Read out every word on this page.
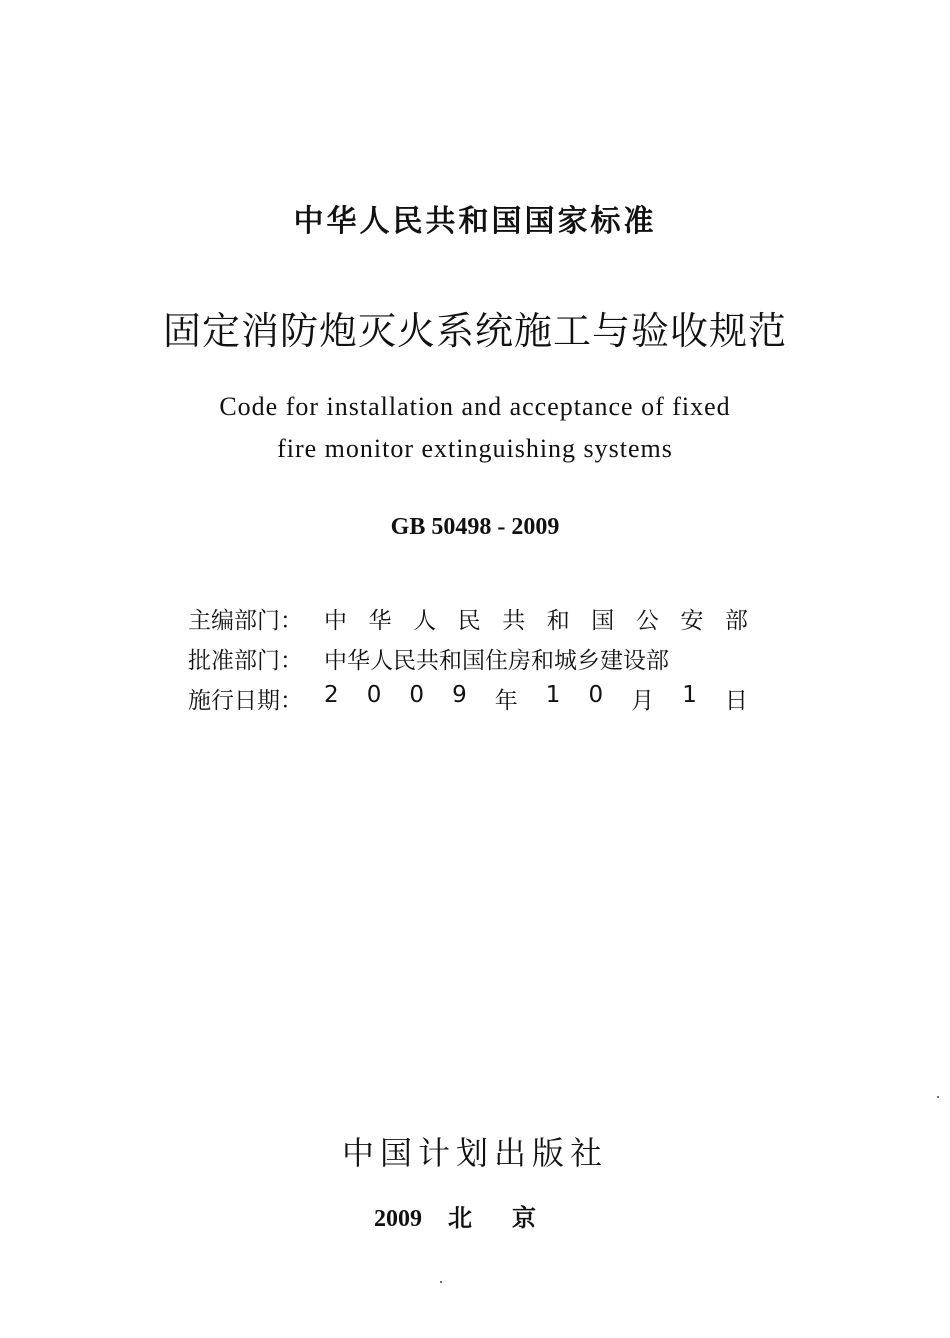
中华人民共和国国家标准
固定消防炮灭火系统施工与验收规范
Code for installation and acceptance of fixed
fire monitor extinguishing systems
GB 50498 - 2009
主编部门： 中 华 人 民 共 和 国 公 安 部
批准部门： 中华人民共和国住房和城乡建设部
施行日期： 2 0 0 9 年 1 0 月 1 日
中国计划出版社
2009 北京
